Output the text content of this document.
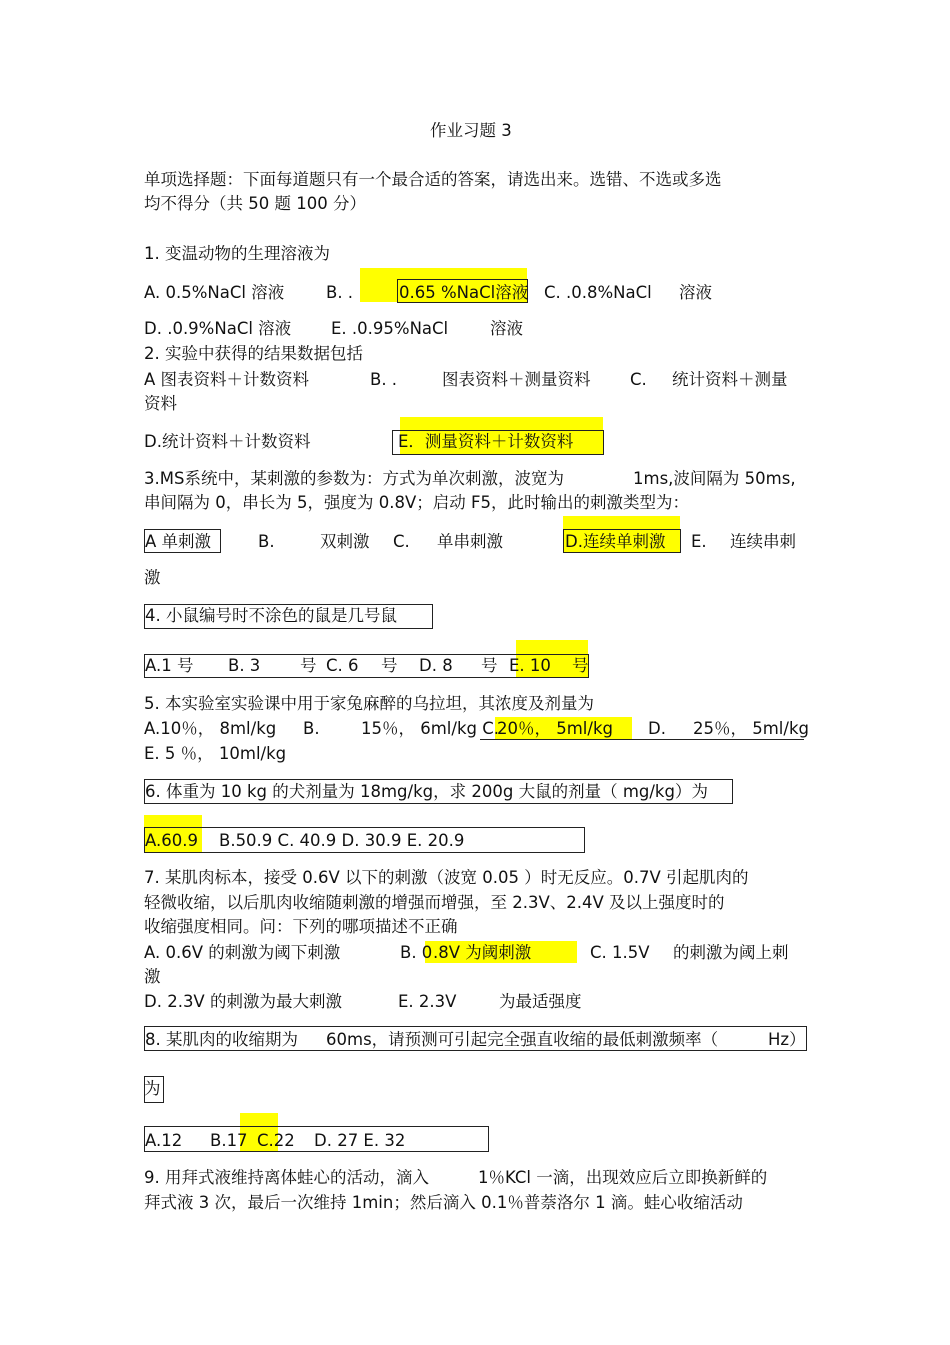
作业习题 3
单项选择题：下面每道题只有一个最合适的答案，请选出来。选错、不选或多选
均不得分（共 50 题 100 分）
1. 变温动物的生理溶液为
A. 0.5%NaCl 溶液	B. .	0.65 %NaCl溶液 C. .0.8%NaCl 溶液
D. .0.9%NaCl 溶液 E. .0.95%NaCl	溶液
2. 实验中获得的结果数据包括
A 图表资料＋计数资料	B. .	图表资料＋测量资料 C. 统计资料＋测量
资料
D.统计资料＋计数资料	E．测量资料＋计数资料
3.MS系统中，某刺激的参数为：方式为单次刺激，波宽为	1ms,波间隔为 50ms,
串间隔为 0，串长为 5，强度为 0.8V；启动 F5，此时输出的刺激类型为：
A 单刺激	B.	双刺激 C. 单串刺激	D.连续单刺激 E. 连续串刺
激
4. 小鼠编号时不涂色的鼠是几号鼠
A.1 号 B. 3 号 C. 6 号 D. 8 号 E. 10 号
5. 本实验室实验课中用于家兔麻醉的乌拉坦，其浓度及剂量为
A.10％， 8ml/kg B.	15％， 6ml/kg C.
20％， 5ml/kg D. 25％， 5ml/kg
E. 5 ％， 10ml/kg
6. 体重为 10 kg 的犬剂量为 18mg/kg，求 200g 大鼠的剂量（ mg/kg）为
A.60.9 B.50.9 C. 40.9 D. 30.9 E. 20.9
7. 某肌肉标本，接受 0.6V 以下的刺激（波宽 0.05 ）时无反应。0.7V 引起肌肉的
轻微收缩，以后肌肉收缩随刺激的增强而增强，至 2.3V、2.4V 及以上强度时的
收缩强度相同。问：下列的哪项描述不正确
A. 0.6V 的刺激为阈下刺激	B. 0 .8V 为阈刺激	C. 1.5V 的刺激为阈上刺
激
D. 2.3V 的刺激为最大刺激	E. 2.3V	为最适强度
8. 某肌肉的收缩期为 60ms，请预测可引起完全强直收缩的最低刺激频率（	Hz）
为
A.12 B.17 C.22 D. 27 E. 32
9. 用拜式液维持离体蛙心的活动，滴入	1％KCl 一滴，出现效应后立即换新鲜的
拜式液 3 次，最后一次维持 1min；然后滴入 0.1％普萘洛尔 1 滴。蛙心收缩活动
